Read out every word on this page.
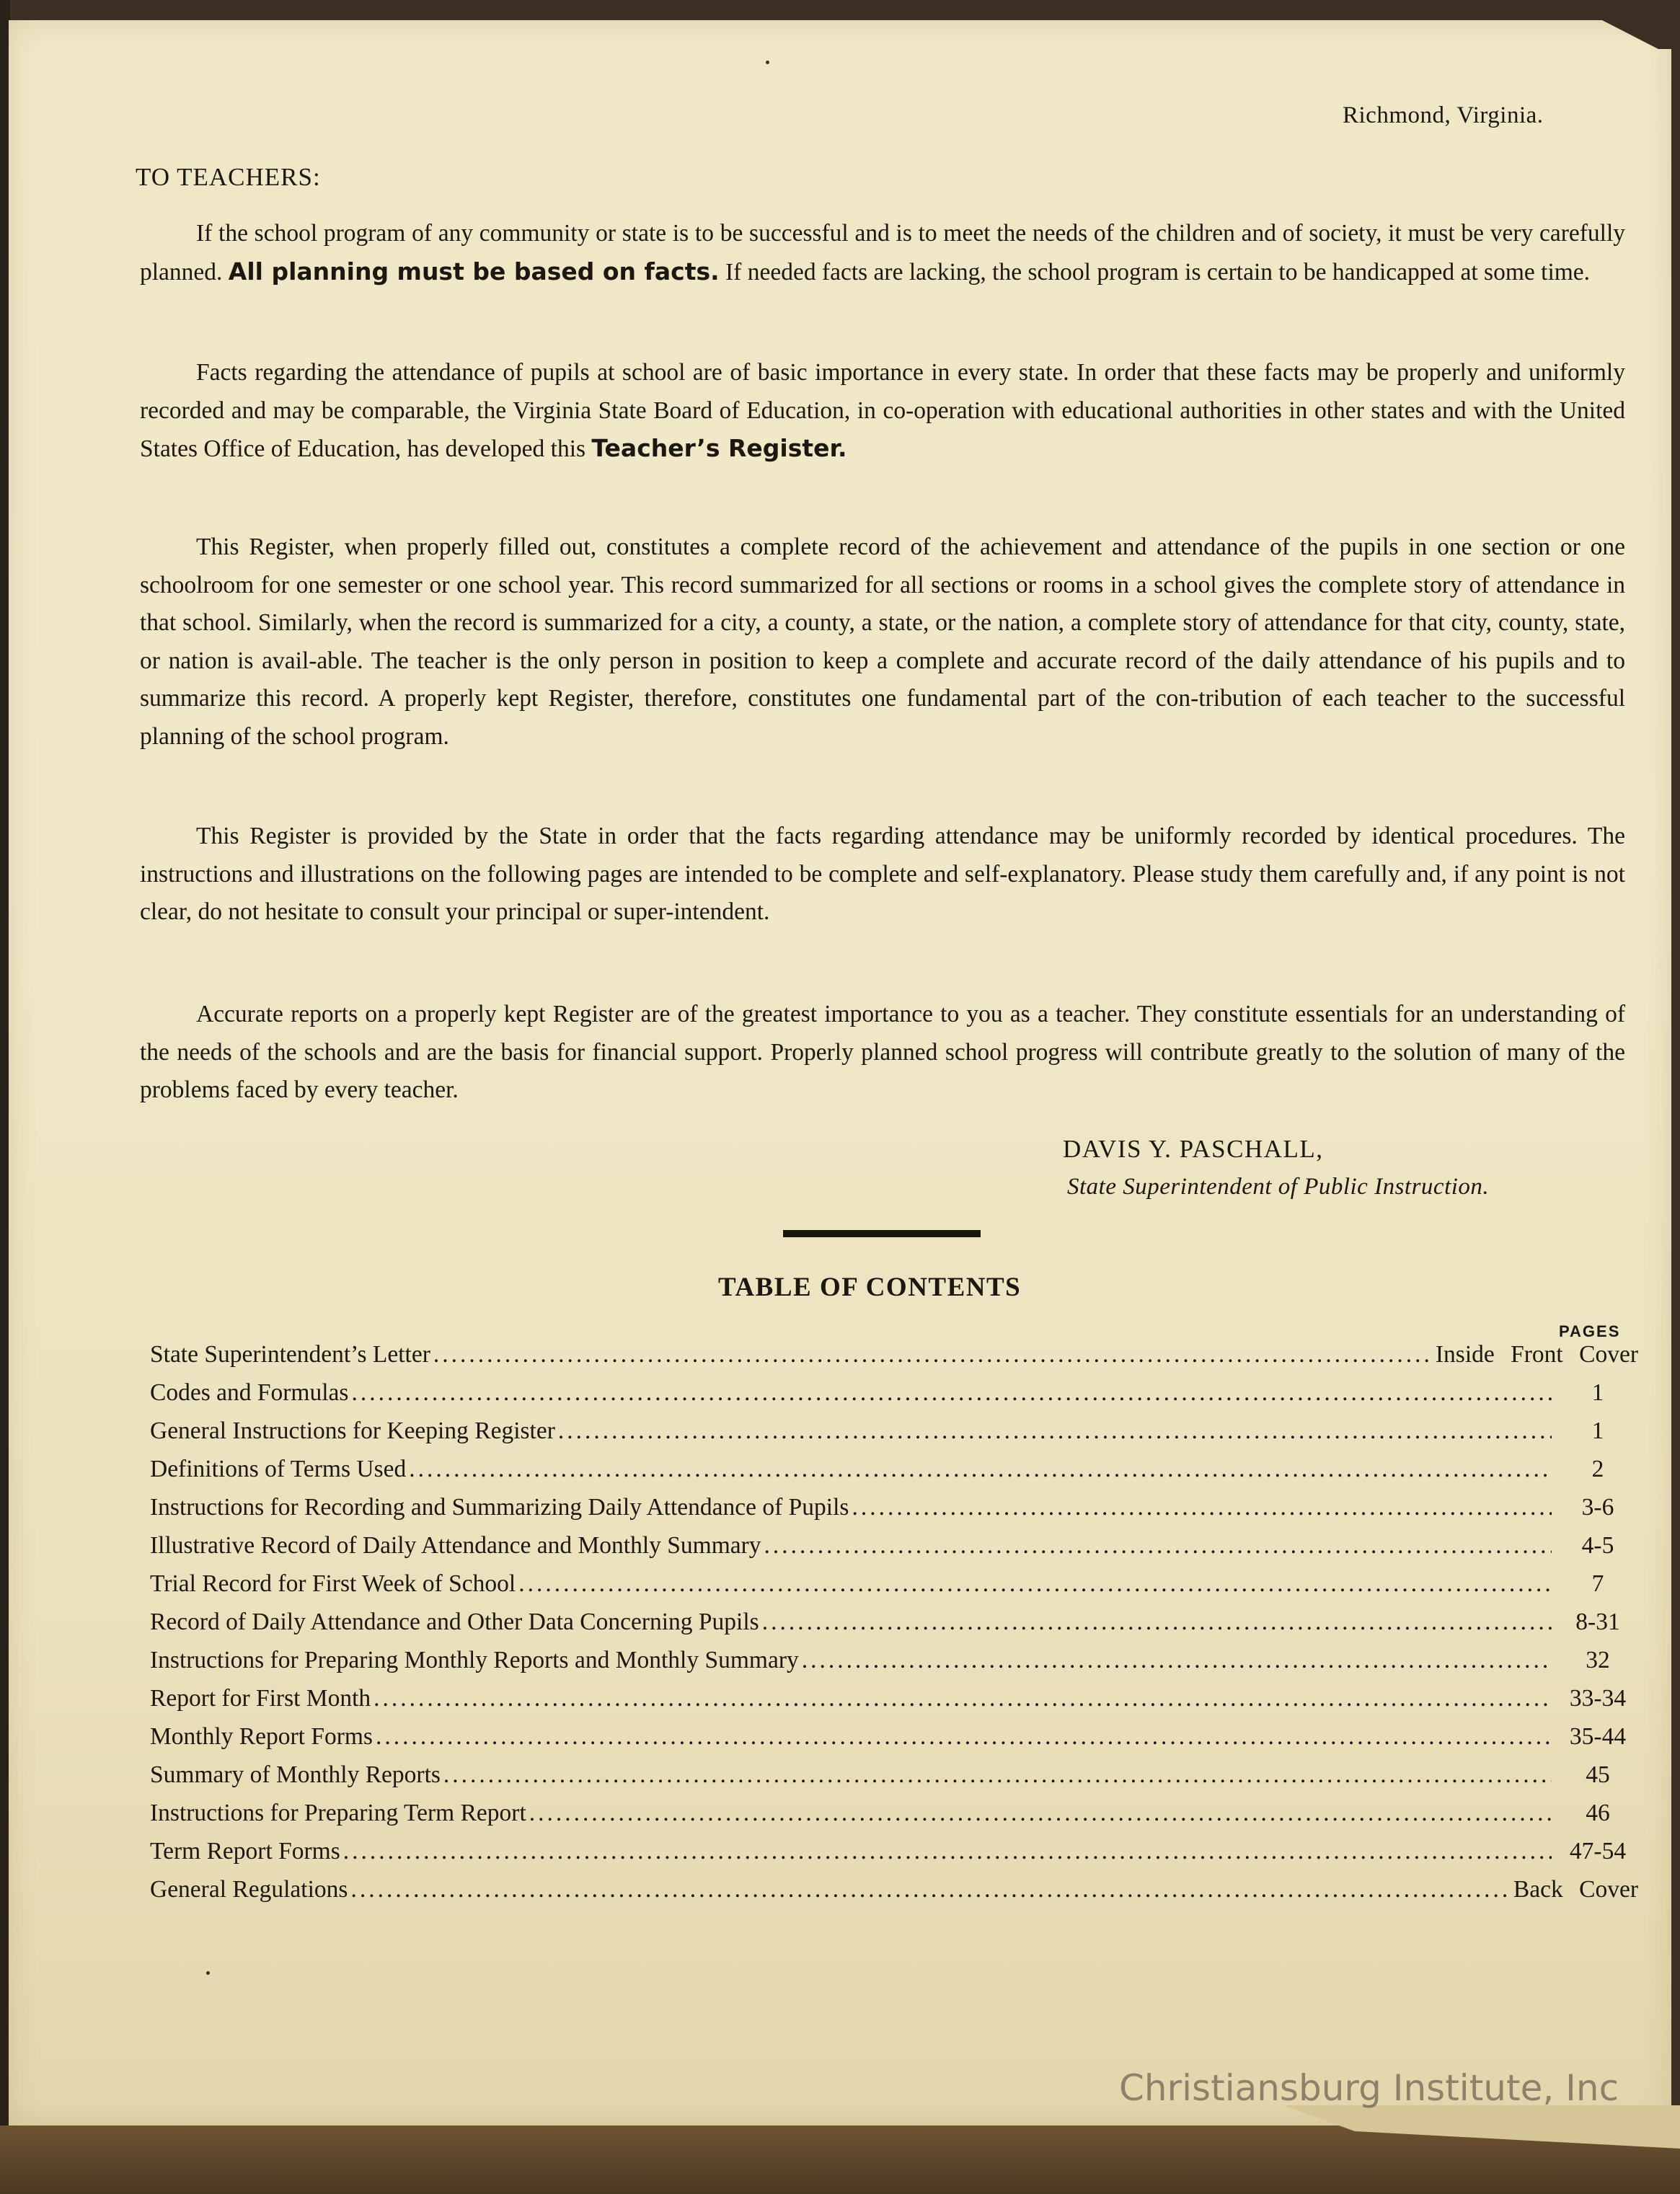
Richmond, Virginia.
TO TEACHERS:

If the school program of any community or state is to be successful and is to meet the needs of the children and of society, it must be very carefully planned. All planning must be based on facts. If needed facts are lacking, the school program is certain to be handicapped at some time.

Facts regarding the attendance of pupils at school are of basic importance in every state. In order that these facts may be properly and uniformly recorded and may be comparable, the Virginia State Board of Education, in co-operation with educational authorities in other states and with the United States Office of Education, has developed this Teacher’s Register.

This Register, when properly filled out, constitutes a complete record of the achievement and attendance of the pupils in one section or one schoolroom for one semester or one school year. This record summarized for all sections or rooms in a school gives the complete story of attendance in that school. Similarly, when the record is summarized for a city, a county, a state, or the nation, a complete story of attendance for that city, county, state, or nation is avail-able. The teacher is the only person in position to keep a complete and accurate record of the daily attendance of his pupils and to summarize this record. A properly kept Register, therefore, constitutes one fundamental part of the con-tribution of each teacher to the successful planning of the school program.

This Register is provided by the State in order that the facts regarding attendance may be uniformly recorded by identical procedures. The instructions and illustrations on the following pages are intended to be complete and self-explanatory. Please study them carefully and, if any point is not clear, do not hesitate to consult your principal or super-intendent.

Accurate reports on a properly kept Register are of the greatest importance to you as a teacher. They constitute essentials for an understanding of the needs of the schools and are the basis for financial support. Properly planned school progress will contribute greatly to the solution of many of the problems faced by every teacher.

DAVIS Y. PASCHALL,
State Superintendent of Public Instruction.
TABLE OF CONTENTS
PAGES
State Superintendent’s Letter .....	Inside Front Cover
Codes and Formulas .....	1
General Instructions for Keeping Register .....	1
Definitions of Terms Used .....	2
Instructions for Recording and Summarizing Daily Attendance of Pupils .....	3-6
Illustrative Record of Daily Attendance and Monthly Summary .....	4-5
Trial Record for First Week of School .....	7
Record of Daily Attendance and Other Data Concerning Pupils .....	8-31
Instructions for Preparing Monthly Reports and Monthly Summary .....	32
Report for First Month .....	33-34
Monthly Report Forms .....	35-44
Summary of Monthly Reports .....	45
Instructions for Preparing Term Report .....	46
Term Report Forms .....	47-54
General Regulations .....	Back Cover
Christiansburg Institute, Inc
